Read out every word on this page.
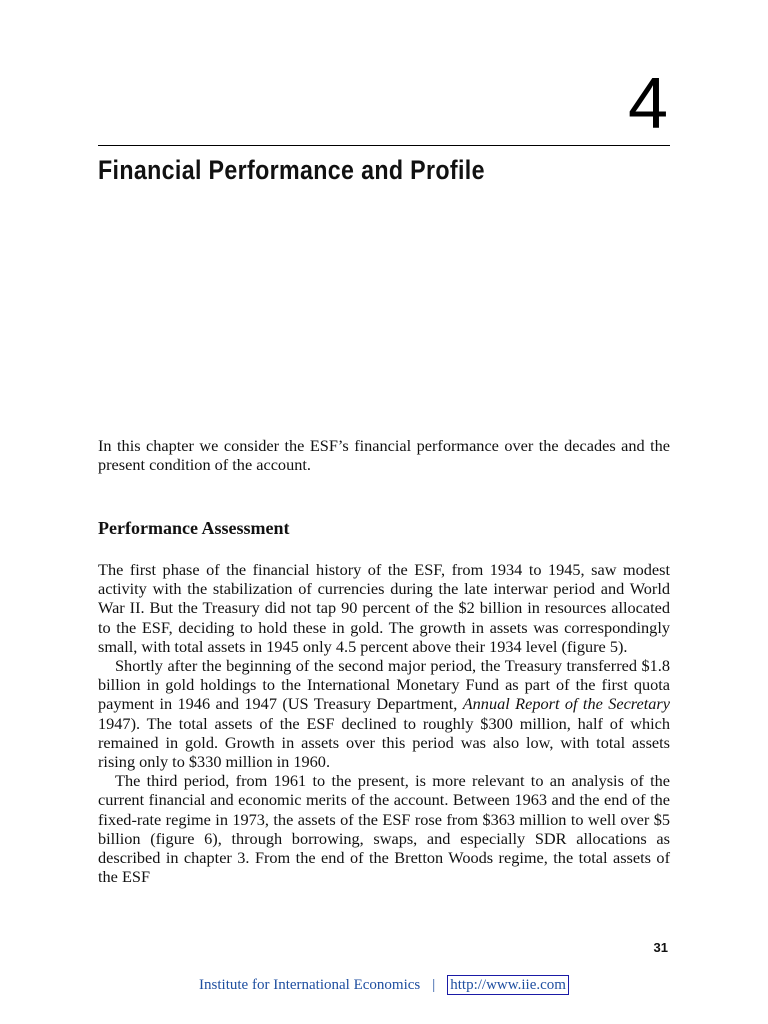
4
Financial Performance and Profile

In this chapter we consider the ESF’s financial performance over the decades and the present condition of the account.

Performance Assessment

The first phase of the financial history of the ESF, from 1934 to 1945, saw modest activity with the stabilization of currencies during the late interwar period and World War II. But the Treasury did not tap 90 percent of the $2 billion in resources allocated to the ESF, deciding to hold these in gold. The growth in assets was correspondingly small, with total assets in 1945 only 4.5 percent above their 1934 level (figure 5).

Shortly after the beginning of the second major period, the Treasury transferred $1.8 billion in gold holdings to the International Monetary Fund as part of the first quota payment in 1946 and 1947 (US Treasury Department, Annual Report of the Secretary 1947). The total assets of the ESF declined to roughly $300 million, half of which remained in gold. Growth in assets over this period was also low, with total assets rising only to $330 million in 1960.

The third period, from 1961 to the present, is more relevant to an analysis of the current financial and economic merits of the account. Between 1963 and the end of the fixed-rate regime in 1973, the assets of the ESF rose from $363 million to well over $5 billion (figure 6), through borrowing, swaps, and especially SDR allocations as described in chapter 3. From the end of the Bretton Woods regime, the total assets of the ESF

31
Institute for International Economics | http://www.iie.com
